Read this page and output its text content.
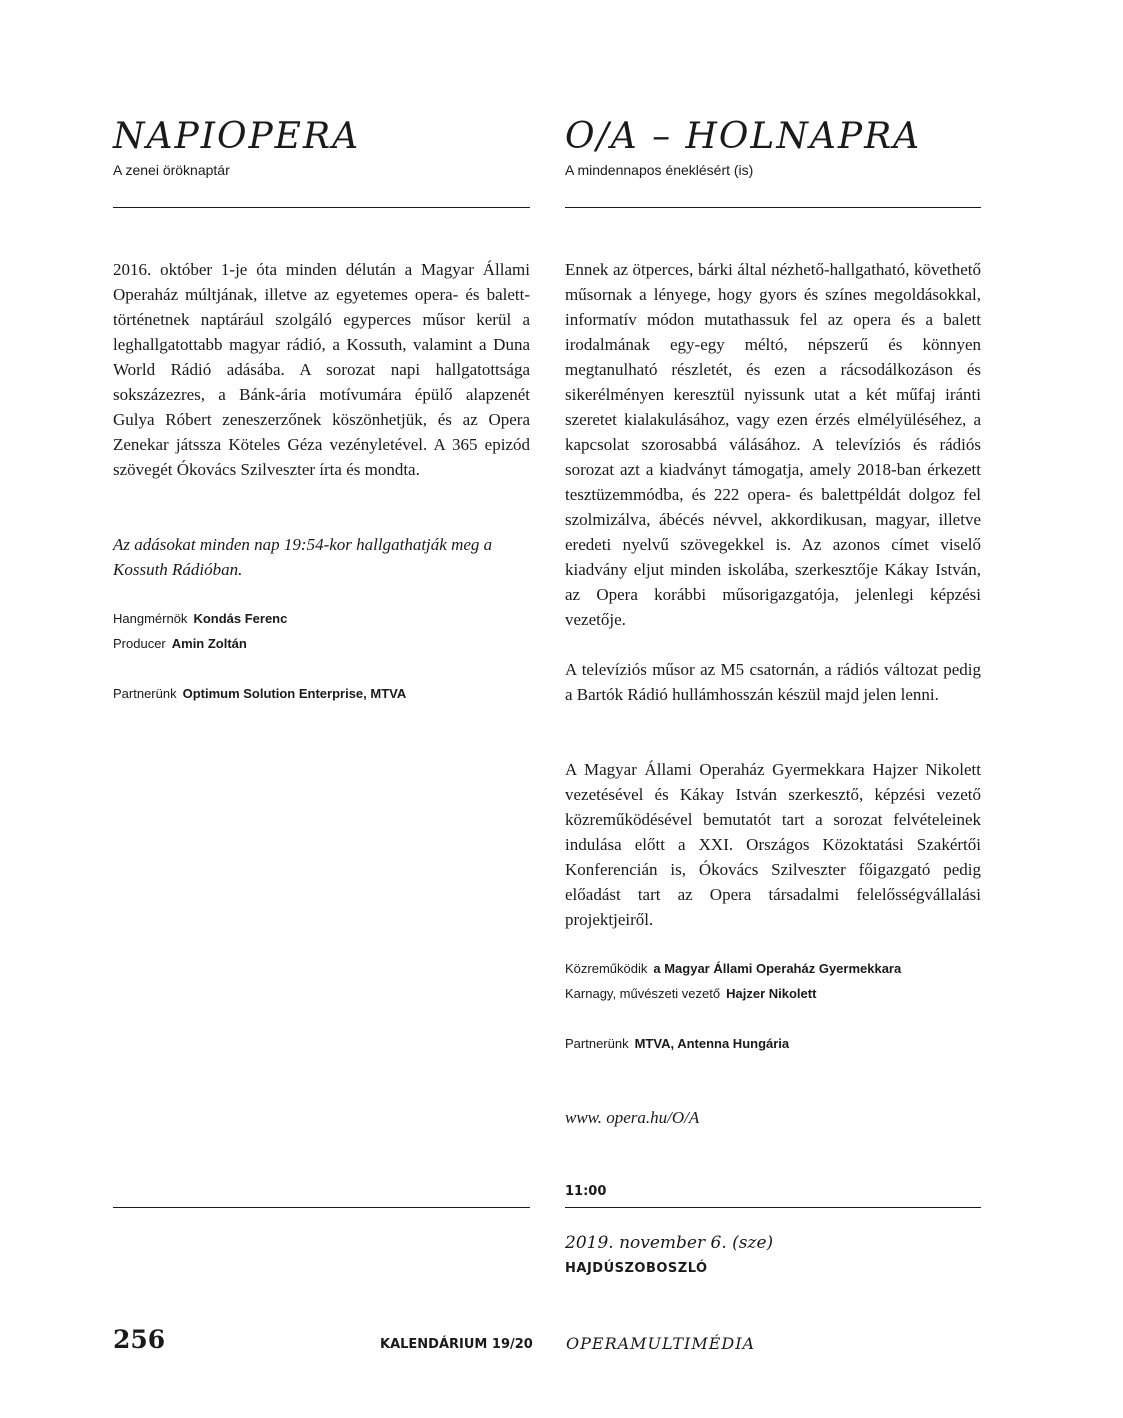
NAPIOPERA
A zenei öröknaptár

2016. október 1-je óta minden délután a Magyar Állami Operaház múltjának, illetve az egyetemes opera- és balett-történetnek naptárául szolgáló egyperces műsor kerül a leghallgatottabb magyar rádió, a Kossuth, valamint a Duna World Rádió adásába. A sorozat napi hallgatottsága sokszázezres, a Bánk-ária motívumára épülő alapzenét Gulya Róbert zeneszerzőnek köszönhetjük, és az Opera Zenekar játssza Köteles Géza vezényletével. A 365 epizód szövegét Ókovács Szilveszter írta és mondta.

Az adásokat minden nap 19:54-kor hallgathatják meg a Kossuth Rádióban.

Hangmérnök Kondás Ferenc
Producer Amin Zoltán
Partnerünk Optimum Solution Enterprise, MTVA
O/A – HOLNAPRA
A mindennapos éneklésért (is)

Ennek az ötperces, bárki által nézhető-hallgatható, követhető műsornak a lényege, hogy gyors és színes megoldásokkal, informatív módon mutathassuk fel az opera és a balett irodalmának egy-egy méltó, népszerű és könnyen megtanulható részletét, és ezen a rácsodálkozáson és sikerélményen keresztül nyissunk utat a két műfaj iránti szeretet kialakulásához, vagy ezen érzés elmélyüléséhez, a kapcsolat szorosabbá válásához. A televíziós és rádiós sorozat azt a kiadványt támogatja, amely 2018-ban érkezett tesztüzemmódba, és 222 opera- és balettpéldát dolgoz fel szolmizálva, ábécés névvel, akkordikusan, magyar, illetve eredeti nyelvű szövegekkel is. Az azonos címet viselő kiadvány eljut minden iskolába, szerkesztője Kákay István, az Opera korábbi műsorigazgatója, jelenlegi képzési vezetője.

A televíziós műsor az M5 csatornán, a rádiós változat pedig a Bartók Rádió hullámhosszán készül majd jelen lenni.

A Magyar Állami Operaház Gyermekkara Hajzer Nikolett vezetésével és Kákay István szerkesztő, képzési vezető közreműködésével bemutatót tart a sorozat felvételeinek indulása előtt a XXI. Országos Közoktatási Szakértői Konferencián is, Ókovács Szilveszter főigazgató pedig előadást tart az Opera társadalmi felelősségvállalási projektjeiről.

Közreműködik a Magyar Állami Operaház Gyermekkara
Karnagy, művészeti vezető Hajzer Nikolett
Partnerünk MTVA, Antenna Hungária
www. opera.hu/O/A
11:00
2019. november 6. (sze)
HAJDÚSZOBOSZLÓ
256	KALENDÁRIUM 19/20 OPERAMULTIMÉDIA
